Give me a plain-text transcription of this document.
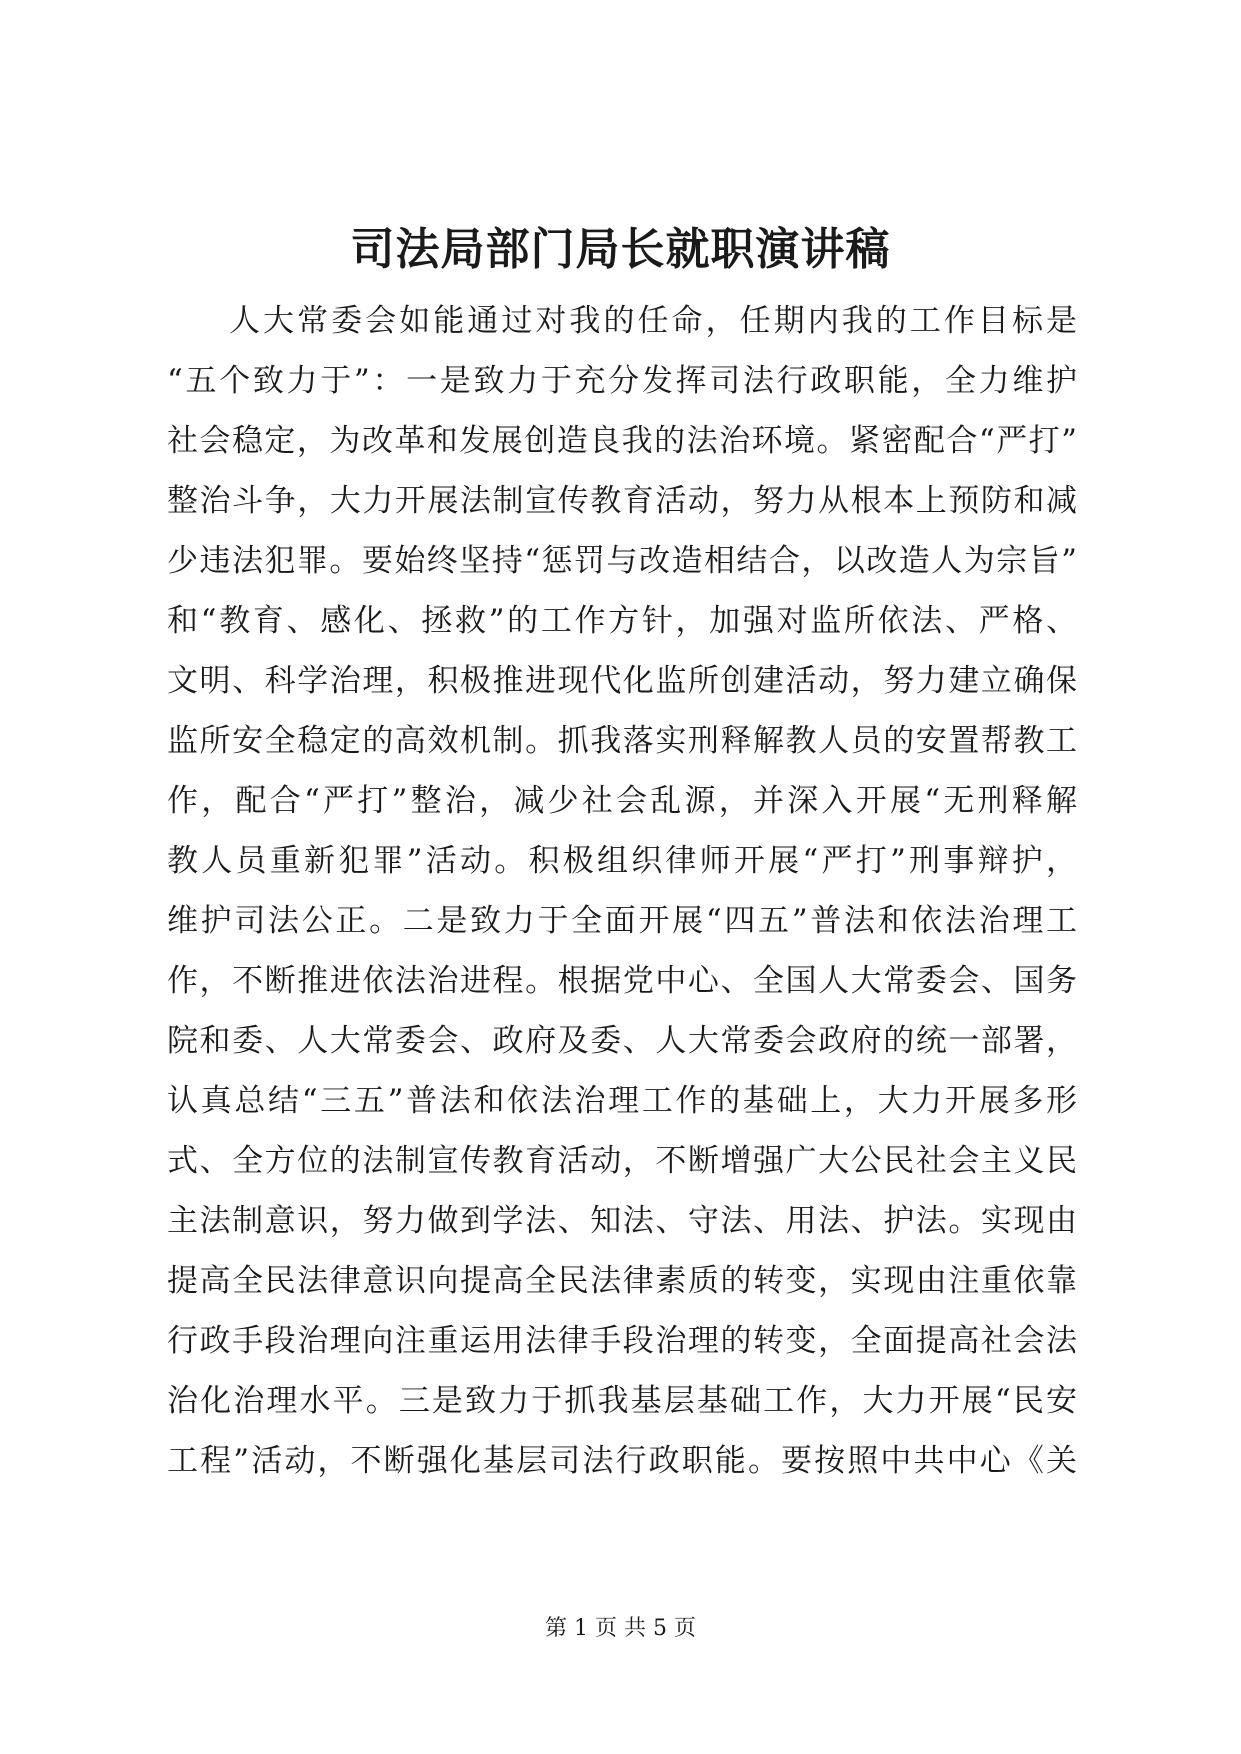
司法局部门局长就职演讲稿
人大常委会如能通过对我的任命，任期内我的工作目标是
“五个致力于”：一是致力于充分发挥司法行政职能，全力维护
社会稳定，为改革和发展创造良我的法治环境。紧密配合“严打”
整治斗争，大力开展法制宣传教育活动，努力从根本上预防和减
少违法犯罪。要始终坚持“惩罚与改造相结合，以改造人为宗旨”
和“教育、感化、拯救”的工作方针，加强对监所依法、严格、
文明、科学治理，积极推进现代化监所创建活动，努力建立确保
监所安全稳定的高效机制。抓我落实刑释解教人员的安置帮教工
作，配合“严打”整治，减少社会乱源，并深入开展“无刑释解
教人员重新犯罪”活动。积极组织律师开展“严打”刑事辩护，
维护司法公正。二是致力于全面开展“四五”普法和依法治理工
作，不断推进依法治进程。根据党中心、全国人大常委会、国务
院和委、人大常委会、政府及委、人大常委会政府的统一部署，
认真总结“三五”普法和依法治理工作的基础上，大力开展多形
式、全方位的法制宣传教育活动，不断增强广大公民社会主义民
主法制意识，努力做到学法、知法、守法、用法、护法。实现由
提高全民法律意识向提高全民法律素质的转变，实现由注重依靠
行政手段治理向注重运用法律手段治理的转变，全面提高社会法
治化治理水平。三是致力于抓我基层基础工作，大力开展“民安
工程”活动，不断强化基层司法行政职能。要按照中共中心《关
第 1 页 共 5 页
